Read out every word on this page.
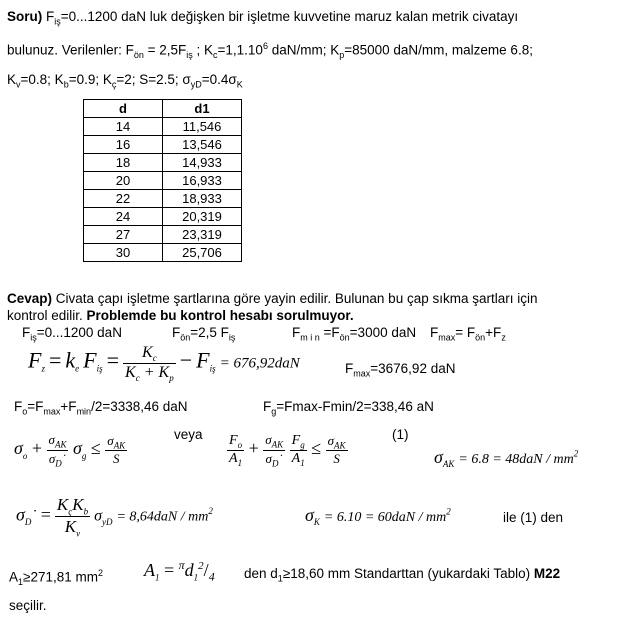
Soru) $F_{iş}=0...1200$ daN luk değişken bir işletme kuvvetine maruz kalan metrik civatayı
bulunuz. Verilenler: $F_{ön} = 2,5F_{iş}$ ; $K_c=1,1.10^6$ daN/mm; $K_p=85000$ daN/mm, malzeme 6.8;
$K_v=0.8$; $K_b=0.9$; $K_ç=2$; S=2.5; $\sigma_{yD}=0.4\sigma_K$
d	d1
14	11,546
16	13,546
18	14,933
20	16,933
22	18,933
24	20,319
27	23,319
30	25,706
Cevap) Civata çapı işletme şartlarına göre yayin edilir. Bulunan bu çap sıkma şartları için
kontrol edilir. Problemde bu kontrol hesabı sorulmuyor.
$F_{iş}=0...1200$ daN	$F_{ön}=2,5$ $F_{iş}$	$F_{m i n} =F_{ön}=3000$ daN $F_{max}= F_{ön}+F_z$
$F_z = k_e$ $F_{iş} = \frac{K_c}{K_c + K_p} - F_{iş} = 676,92daN$	$F_{max}=3676,92$ daN
$F_o=F_{max}+F_{min}/2=3338,46$ daN	$F_g=Fmax-Fmin/2=338,46$ aN
$\sigma_o + \frac{\sigma_{AK}}{\sigma_D˙} \sigma_g \le \frac{\sigma_{AK}}{S}$	veya $\frac{F_o}{A_1} + \frac{\sigma_{AK}}{\sigma_D˙}$
$\frac{F_g}{A_1} \le \frac{\sigma_{AK}}{S}$	(1)
$\sigma_{AK} = 6.8 = 48daN / mm^2$
$\sigma_D˙ = \frac{K_çK_b}{K_v} \sigma_{yD} = 8,64daN / mm^2$	$\sigma_K = 6.10 = 60daN / mm^2$	ile (1) den
$A_1\ge 271,81$ $mm^2$ $A_1 = ^\pi d_1^2/_4$ den $d_1\ge 18,60$ mm Standarttan (yukardaki Tablo) M22
seçilir.
